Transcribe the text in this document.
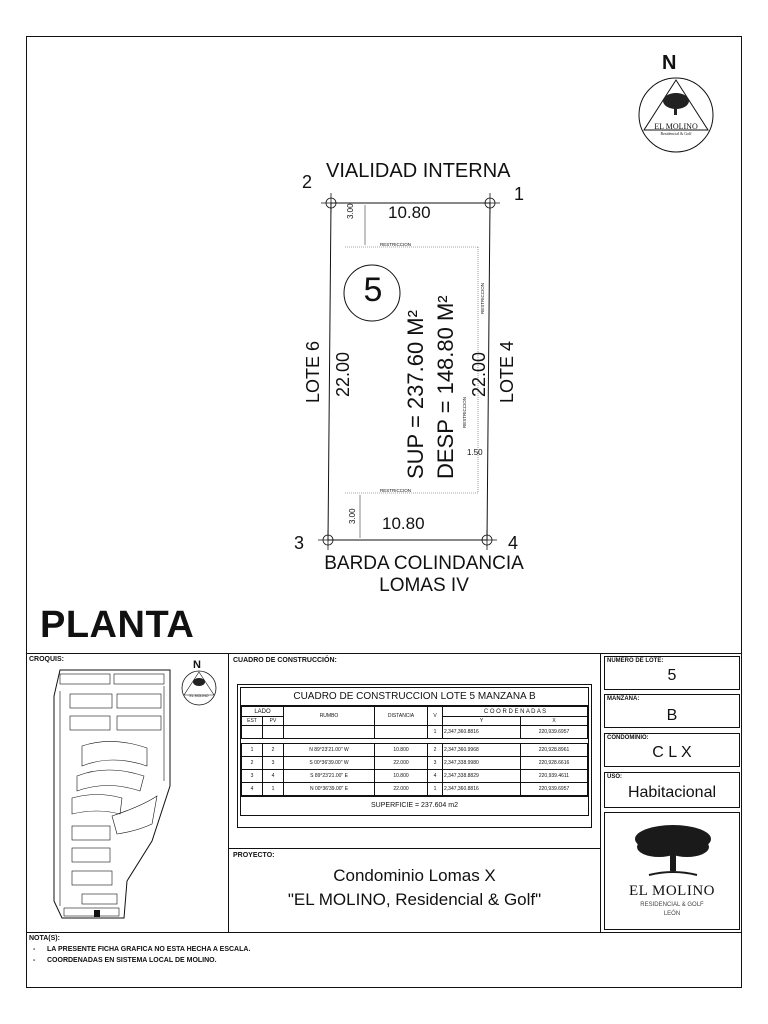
VIALIDAD INTERNA
2
1
3	4
10.80
10.80
3.00
3.00
1.50
RESTRICCION
RESTRICCION
RESTRICCION
RESTRICCION
5
LOTE 6 22.00 SUP = 237.60 M² DESP = 148.80 M² 22.00 LOTE 4
BARDA COLINDANCIA
LOMAS IV
PLANTA
N
EL MOLINO
Residencial & Golf
CROQUIS:	N
EL MOLINO
CUADRO DE CONSTRUCCIÓN:
CUADRO DE CONSTRUCCION LOTE 5 MANZANA B
LADO		RUMBO	DISTANCIA	V	C O O R D E N A D A S	
EST	PV				Y	X
				1	2,347,360.8816	220,939.6957

1	2	N 89°23'21.00" W	10.800	2	2,347,360.9968	220,928.8961
2	3	S 00°36'39.00" W	22.000	3	2,347,338.9980	220,928.6616
3	4	S 89°23'21.00" E	10.800	4	2,347,338.8829	220,939.4611
4	1	N 00°36'39.00" E	22.000	1	2,347,360.8816	220,939.6957
SUPERFICIE = 237.604 m2
PROYECTO:
Condominio Lomas X
"EL MOLINO, Residencial & Golf"
NÚMERO DE LOTE:
5
MANZANA:
B
CONDOMINIO:
C L X
USO:
Habitacional
EL MOLINO
RESIDENCIAL & GOLF
LEÓN
NOTA(S):
-      LA PRESENTE FICHA GRAFICA NO ESTA HECHA A ESCALA.
-      COORDENADAS EN SISTEMA LOCAL DE MOLINO.
